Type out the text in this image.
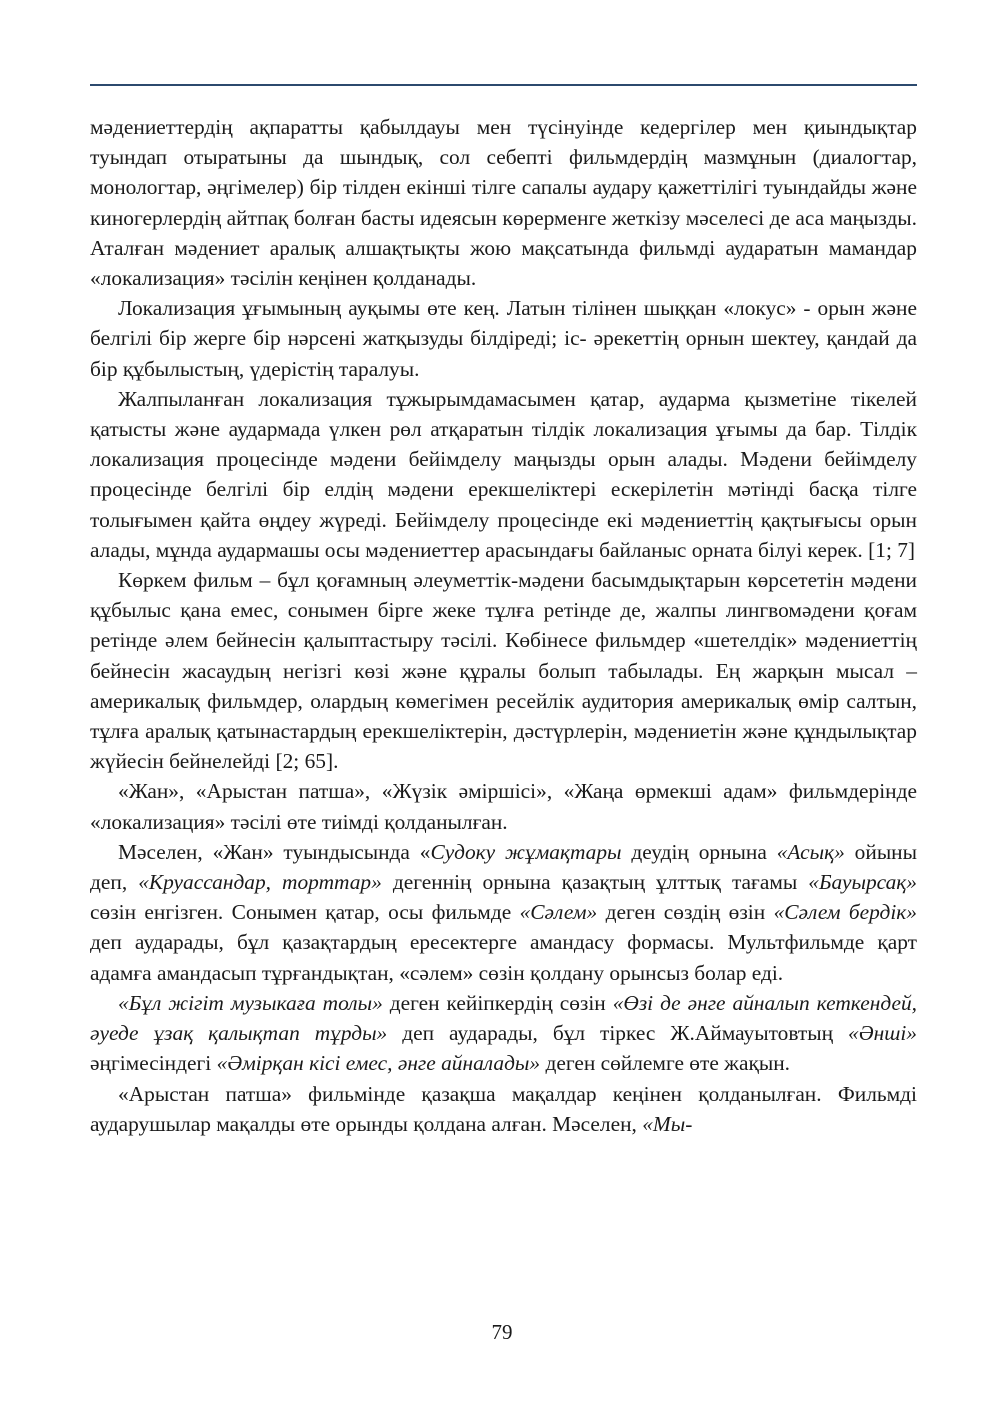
мәдениеттердің ақпаратты қабылдауы мен түсінуінде кедергілер мен қиындықтар туындап отыратыны да шындық, сол себепті фильмдердің мазмұнын (диалогтар, монологтар, әңгімелер) бір тілден екінші тілге сапалы аудару қажеттілігі туындайды және киногерлердің айтпақ болған басты идеясын көрерменге жеткізу мәселесі де аса маңызды. Аталған мәдениет аралық алшақтықты жою мақсатында фильмді аударатын мамандар «локализация» тәсілін кеңінен қолданады.

Локализация ұғымының ауқымы өте кең. Латын тілінен шыққан «локус» - орын және белгілі бір жерге бір нәрсені жатқызуды білдіреді; іс- әрекеттің орнын шектеу, қандай да бір құбылыстың, үдерістің таралуы.

Жалпыланған локализация тұжырымдамасымен қатар, аударма қызметіне тікелей қатысты және аудармада үлкен рөл атқаратын тілдік локализация ұғымы да бар. Тілдік локализация процесінде мәдени бейімделу маңызды орын алады. Мәдени бейімделу процесінде белгілі бір елдің мәдени ерекшеліктері ескерілетін мәтінді басқа тілге толығымен қайта өңдеу жүреді. Бейімделу процесінде екі мәдениеттің қақтығысы орын алады, мұнда аудармашы осы мәдениеттер арасындағы байланыс орната білуі керек. [1; 7]

Көркем фильм – бұл қоғамның әлеуметтік-мәдени басымдықтарын көрсететін мәдени құбылыс қана емес, сонымен бірге жеке тұлға ретінде де, жалпы лингвомәдени қоғам ретінде әлем бейнесін қалыптастыру тәсілі. Көбінесе фильмдер «шетелдік» мәдениеттің бейнесін жасаудың негізгі көзі және құралы болып табылады. Ең жарқын мысал – америкалық фильмдер, олардың көмегімен ресейлік аудитория америкалық өмір салтын, тұлға аралық қатынастардың ерекшеліктерін, дәстүрлерін, мәдениетін және құндылықтар жүйесін бейнелейді [2; 65].

«Жан», «Арыстан патша», «Жүзік әміршісі», «Жаңа өрмекші адам» фильмдерінде «локализация» тәсілі өте тиімді қолданылған.

Мәселен, «Жан» туындысында «Судоку жұмақтары деудің орнына «Асық» ойыны деп, «Круассандар, торттар» дегеннің орнына қазақтың ұлттық тағамы «Бауырсақ» сөзін енгізген. Сонымен қатар, осы фильмде «Сәлем» деген сөздің өзін «Сәлем бердік» деп аударады, бұл қазақтардың ересектерге амандасу формасы. Мультфильмде қарт адамға амандасып тұрғандықтан, «сәлем» сөзін қолдану орынсыз болар еді.

«Бұл жігіт музыкаға толы» деген кейіпкердің сөзін «Өзі де әнге айналып кеткендей, әуеде ұзақ қалықтап тұрды» деп аударады, бұл тіркес Ж.Аймауытовтың «Әнші» әңгімесіндегі «Әмірқан кісі емес, әнге айналады» деген сөйлемге өте жақын.

«Арыстан патша» фильмінде қазақша мақалдар кеңінен қолданылған. Фильмді аударушылар мақалды өте орынды қолдана алған. Мәселен, «Мы-

79
